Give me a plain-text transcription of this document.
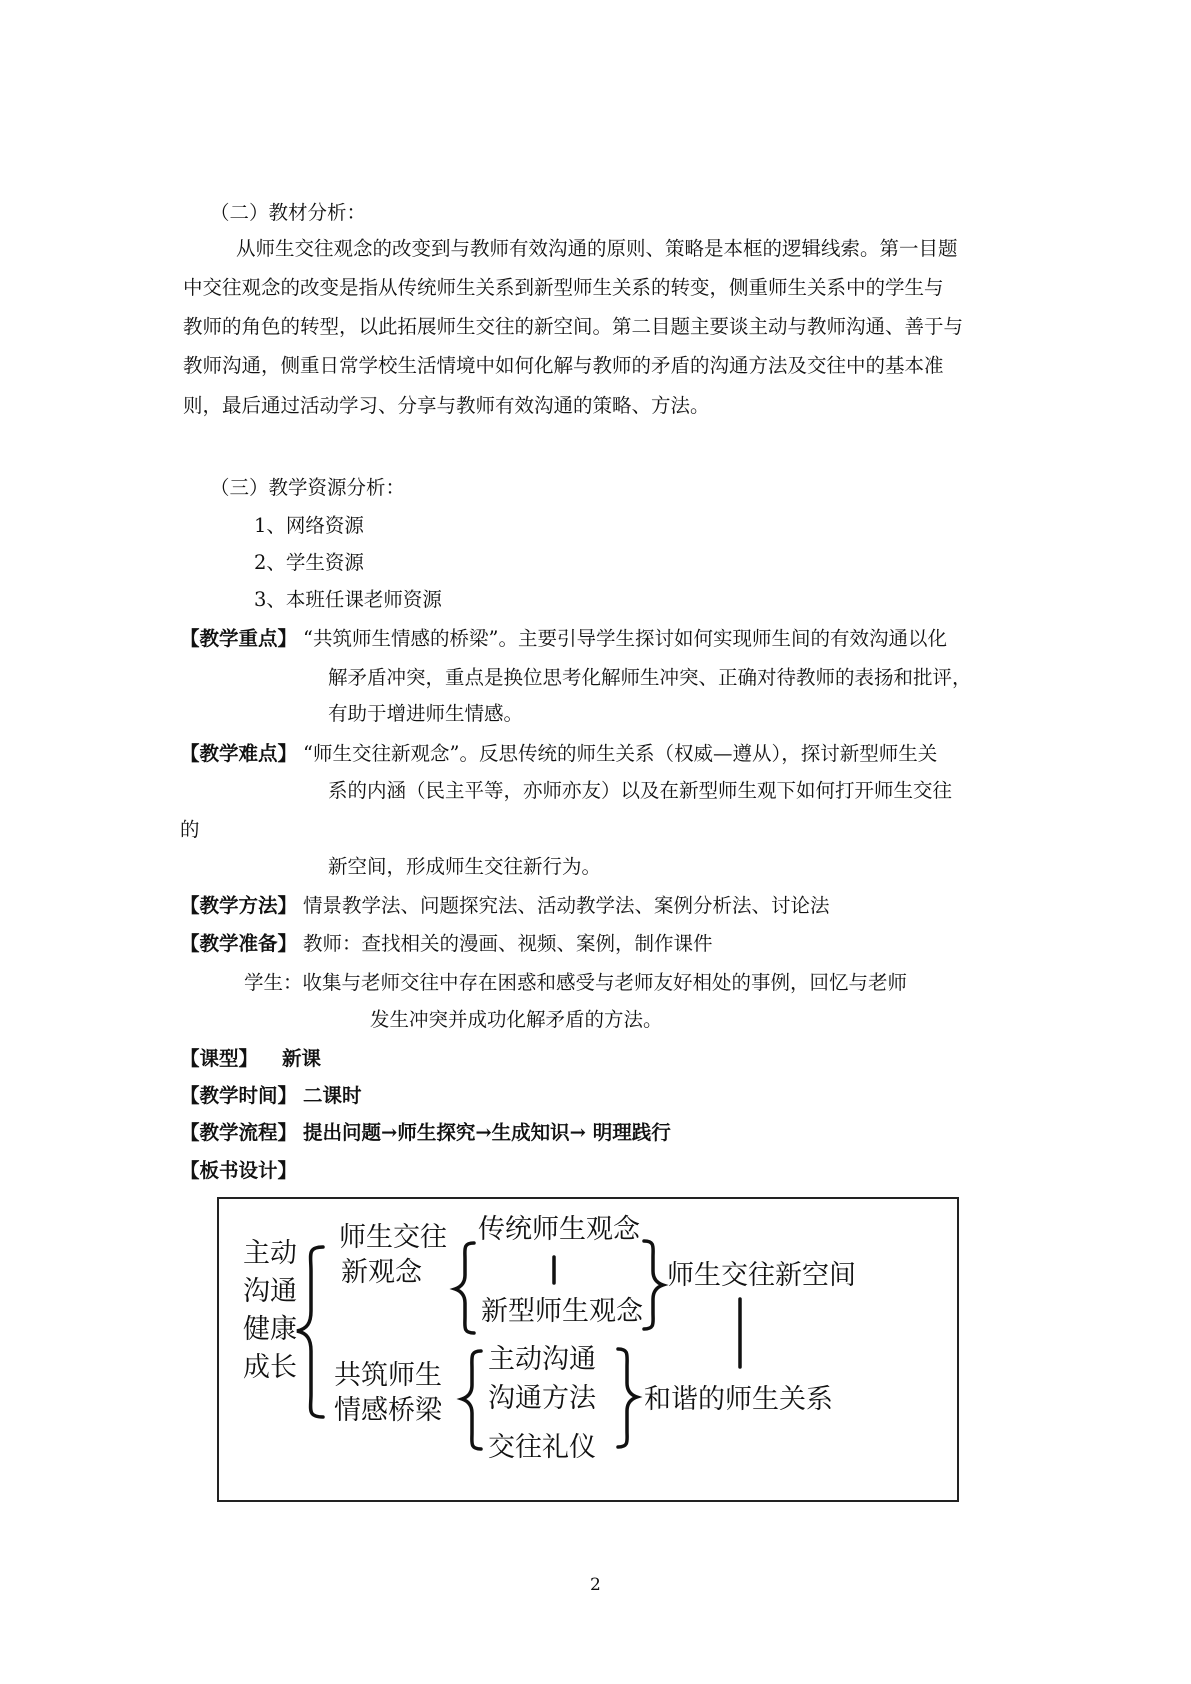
（二）教材分析：
从师生交往观念的改变到与教师有效沟通的原则、策略是本框的逻辑线索。第一目题
中交往观念的改变是指从传统师生关系到新型师生关系的转变，侧重师生关系中的学生与
教师的角色的转型，以此拓展师生交往的新空间。第二目题主要谈主动与教师沟通、善于与
教师沟通，侧重日常学校生活情境中如何化解与教师的矛盾的沟通方法及交往中的基本准
则，最后通过活动学习、分享与教师有效沟通的策略、方法。
（三）教学资源分析：
1、网络资源
2、学生资源
3、本班任课老师资源
【教学重点】 “共筑师生情感的桥梁”。主要引导学生探讨如何实现师生间的有效沟通以化
解矛盾冲突，重点是换位思考化解师生冲突、正确对待教师的表扬和批评，
有助于增进师生情感。
【教学难点】 “师生交往新观念”。反思传统的师生关系（权威—遵从），探讨新型师生关
系的内涵（民主平等，亦师亦友）以及在新型师生观下如何打开师生交往
的
新空间，形成师生交往新行为。
【教学方法】 情景教学法、问题探究法、活动教学法、案例分析法、讨论法
【教学准备】 教师：查找相关的漫画、视频、案例，制作课件
学生：收集与老师交往中存在困惑和感受与老师友好相处的事例，回忆与老师
发生冲突并成功化解矛盾的方法。
【课型】 新课
【教学时间】 二课时
【教学流程】 提出问题→师生探究→生成知识→ 明理践行
【板书设计】
主动
沟通
健康
成长
师生交往
新观念
传统师生观念
新型师生观念
师生交往新空间
共筑师生
情感桥梁
主动沟通
沟通方法
交往礼仪
和谐的师生关系
2
